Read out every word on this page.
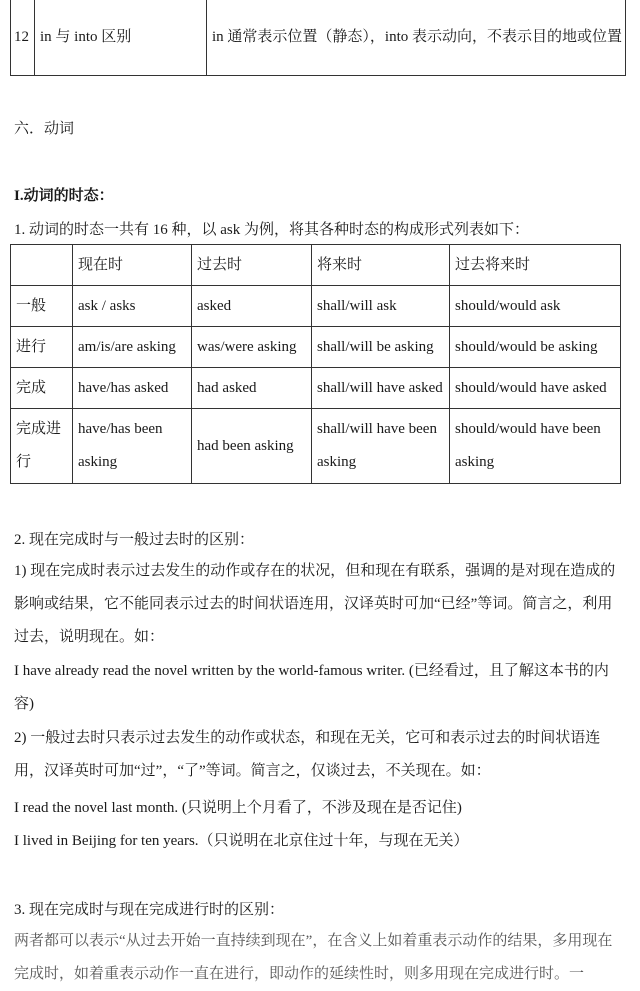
12	in 与 into 区别	in 通常表示位置（静态），into 表示动向，不表示目的地或位置
六．动词
I.动词的时态：
1. 动词的时态一共有 16 种，以 ask 为例，将其各种时态的构成形式列表如下：
	现在时	过去时	将来时	过去将来时
一般	ask / asks	asked	shall/will ask	should/would ask
进行	am/is/are asking	was/were asking	shall/will be asking	should/would be asking
完成	have/has asked	had asked	shall/will have asked	should/would have asked
完成进行	have/has been asking	had been asking	shall/will have been asking	should/would have been asking
2. 现在完成时与一般过去时的区别：
1) 现在完成时表示过去发生的动作或存在的状况，但和现在有联系，强调的是对现在造成的影响或结果，它不能同表示过去的时间状语连用，汉译英时可加“已经”等词。简言之，利用过去，说明现在。如：
I have already read the novel written by the world-famous writer. (已经看过，且了解这本书的内容)
2) 一般过去时只表示过去发生的动作或状态，和现在无关，它可和表示过去的时间状语连用，汉译英时可加“过”，“了”等词。简言之，仅谈过去，不关现在。如：
I read the novel last month. (只说明上个月看了，不涉及现在是否记住)
I lived in Beijing for ten years.（只说明在北京住过十年，与现在无关）
3. 现在完成时与现在完成进行时的区别：
两者都可以表示“从过去开始一直持续到现在”，在含义上如着重表示动作的结果，多用现在完成时，如着重表示动作一直在进行，即动作的延续性时，则多用现在完成进行时。一
